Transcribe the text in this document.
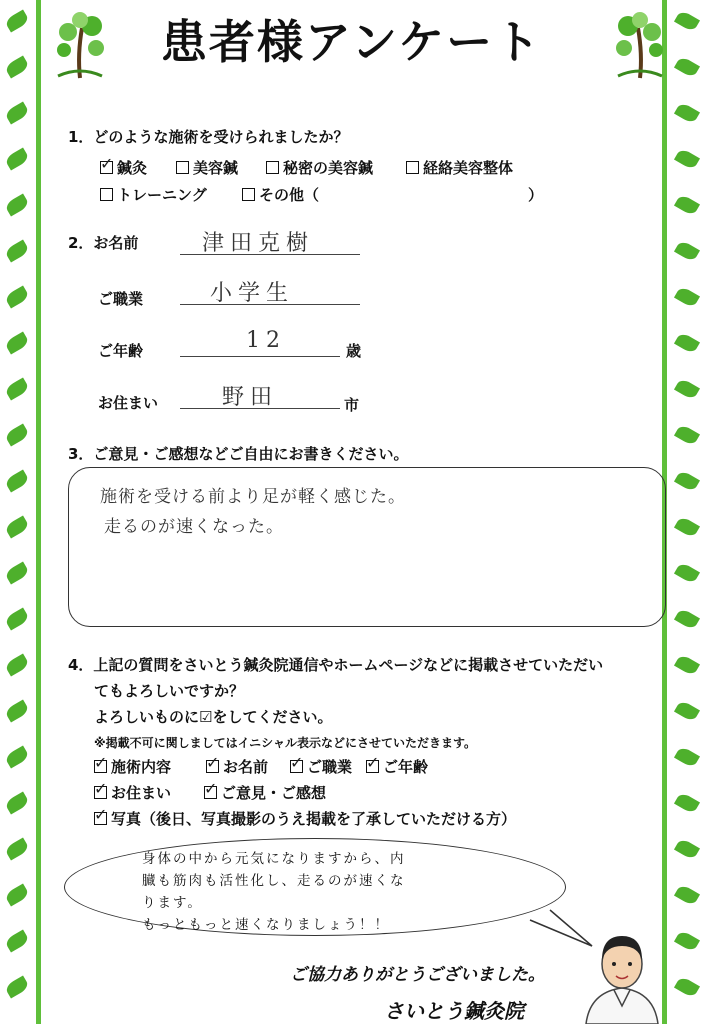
患者様アンケート
1．どのような施術を受けられましたか？
✓鍼灸	美容鍼	秘密の美容鍼	経絡美容整体
トレーニング	その他（	）
2．お名前	津田克樹
ご職業	小学生
ご年齢	12	歳
お住まい	野田	市
3．ご意見・ご感想などご自由にお書きください。
施術を受ける前より足が軽く感じた。
走るのが速くなった。
4．上記の質問をさいとう鍼灸院通信やホームページなどに掲載させていただい
てもよろしいですか？
よろしいものに☑をしてください。
※掲載不可に関しましてはイニシャル表示などにさせていただきます。
✓施術内容 ✓	お名前 ✓	ご職業 ✓	ご年齢
✓お住まい ✓	ご意見・ご感想
✓写真（後日、写真撮影のうえ掲載を了承していただける方）
身体の中から元気になりますから、内
臓も筋肉も活性化し、走るのが速くな
ります。
もっともっと速くなりましょう！！
ご協力ありがとうございました。
さいとう鍼灸院
